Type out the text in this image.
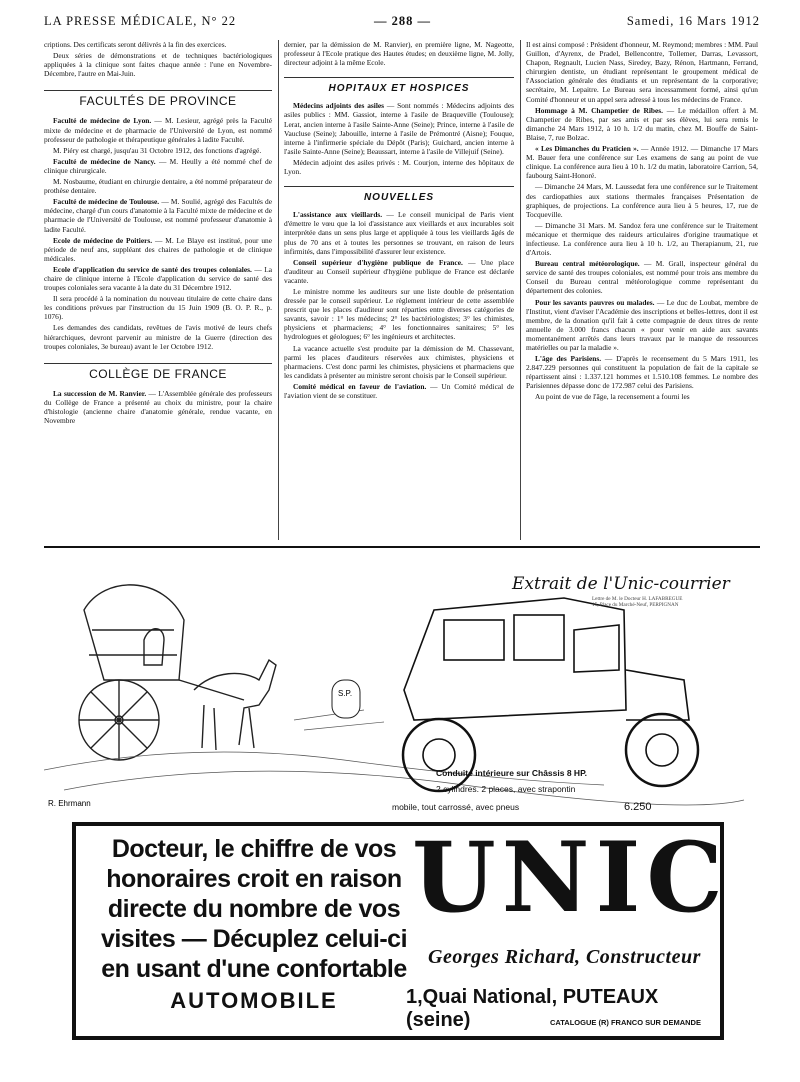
LA PRESSE MÉDICALE, N° 22	— 288 —	Samedi, 16 Mars 1912

criptions. Des certificats seront délivrés à la fin des exercices.

Deux séries de démonstrations et de techniques bactériologiques appliquées à la clinique sont faites chaque année : l'une en Novembre-Décembre, l'autre en Mai-Juin.

FACULTÉS DE PROVINCE

Faculté de médecine de Lyon. — M. Lesieur, agrégé près la Faculté mixte de médecine et de pharmacie de l'Université de Lyon, est nommé professeur de pathologie et thérapeutique générales à ladite Faculté.

M. Piéry est chargé, jusqu'au 31 Octobre 1912, des fonctions d'agrégé.

Faculté de médecine de Nancy. — M. Heully a été nommé chef de clinique chirurgicale.

M. Nosbaume, étudiant en chirurgie dentaire, a été nommé préparateur de prothèse dentaire.

Faculté de médecine de Toulouse. — M. Soulié, agrégé des Facultés de médecine, chargé d'un cours d'anatomie à la Faculté mixte de médecine et de pharmacie de l'Université de Toulouse, est nommé professeur d'anatomie à ladite Faculté.

Ecole de médecine de Poitiers. — M. Le Blaye est institué, pour une période de neuf ans, suppléant des chaires de pathologie et de clinique médicales.

Ecole d'application du service de santé des troupes coloniales. — La chaire de clinique interne à l'Ecole d'application du service de santé des troupes coloniales sera vacante à la date du 31 Décembre 1912.

Il sera procédé à la nomination du nouveau titulaire de cette chaire dans les conditions prévues par l'instruction du 15 Juin 1909 (B. O. P. R., p. 1076).

Les demandes des candidats, revêtues de l'avis motivé de leurs chefs hiérarchiques, devront parvenir au ministre de la Guerre (direction des troupes coloniales, 3e bureau) avant le 1er Octobre 1912.

COLLÈGE DE FRANCE

La succession de M. Ranvier. — L'Assemblée générale des professeurs du Collège de France a présenté au choix du ministre, pour la chaire d'histologie (ancienne chaire d'anatomie générale, rendue vacante, en Novembre

dernier, par la démission de M. Ranvier), en première ligne, M. Nageotte, professeur à l'Ecole pratique des Hautes études; en deuxième ligne, M. Jolly, directeur adjoint à la même Ecole.

HOPITAUX ET HOSPICES

Médecins adjoints des asiles — Sont nommés : Médecins adjoints des asiles publics : MM. Gassiot, interne à l'asile de Braqueville (Toulouse); Lerat, ancien interne à l'asile Sainte-Anne (Seine); Prince, interne à l'asile de Vaucluse (Seine); Jabouille, interne à l'asile de Prémontré (Aisne); Fouque, interne à l'infirmerie spéciale du Dépôt (Paris); Guichard, ancien interne à l'asile Sainte-Anne (Seine); Beaussart, interne à l'asile de Villejuif (Seine).

Médecin adjoint des asiles privés : M. Courjon, interne des hôpitaux de Lyon.

NOUVELLES

L'assistance aux vieillards. — Le conseil municipal de Paris vient d'émettre le vœu que la loi d'assistance aux vieillards et aux incurables soit interprétée dans un sens plus large et appliquée à tous les vieillards âgés de plus de 70 ans et à toutes les personnes se trouvant, en raison de leurs infirmités, dans l'impossibilité d'assurer leur existence.

Conseil supérieur d'hygiène publique de France. — Une place d'auditeur au Conseil supérieur d'hygiène publique de France est déclarée vacante.

Le ministre nomme les auditeurs sur une liste double de présentation dressée par le conseil supérieur. Le règlement intérieur de cette assemblée prescrit que les places d'auditeur sont réparties entre diverses catégories de savants, savoir : 1° les médecins; 2° les bactériologistes; 3° les chimistes, physiciens et pharmaciens; 4° les fonctionnaires sanitaires; 5° les hydrologues et géologues; 6° les ingénieurs et architectes.

La vacance actuelle s'est produite par la démission de M. Chassevant, parmi les places d'auditeurs réservées aux chimistes, physiciens et pharmaciens. C'est donc parmi les chimistes, physiciens et pharmaciens que les candidats à présenter au ministre seront choisis par le Conseil supérieur.

Comité médical en faveur de l'aviation. — Un Comité médical de l'aviation vient de se constituer.

Il est ainsi composé : Président d'honneur, M. Reymond; membres : MM. Paul Guillon, d'Ayrenx, de Pradel, Bellencontre, Tollemer, Darras, Levassort, Chapon, Regnault, Lucien Nass, Siredey, Bazy, Rénon, Hartmann, Ferrand, chirurgien dentiste, un étudiant représentant le groupement médical de l'Association générale des étudiants et un représentant de la corporative; secrétaire, M. Lepaitre. Le Bureau sera incessamment formé, ainsi qu'un Comité d'honneur et un appel sera adressé à tous les médecins de France.

Hommage à M. Champetier de Ribes. — Le médaillon offert à M. Champetier de Ribes, par ses amis et par ses élèves, lui sera remis le dimanche 24 Mars 1912, à 10 h. 1/2 du matin, chez M. Bouffe de Saint-Blaise, 7, rue Bolzac.

« Les Dimanches du Praticien ». — Année 1912. — Dimanche 17 Mars M. Bauer fera une conférence sur Les examens de sang au point de vue clinique. La conférence aura lieu à 10 h. 1/2 du matin, laboratoire Carrion, 54, faubourg Saint-Honoré.

— Dimanche 24 Mars, M. Laussedat fera une conférence sur le Traitement des cardiopathies aux stations thermales françaises Présentation de graphiques, de projections. La conférence aura lieu à 5 heures, 17, rue de Tocqueville.

— Dimanche 31 Mars. M. Sandoz fera une conférence sur le Traitement mécanique et thermique des raideurs articulaires d'origine traumatique et infectieuse. La conférence aura lieu à 10 h. 1/2, au Therapianum, 21, rue d'Artois.

Bureau central météorologique. — M. Grall, inspecteur général du service de santé des troupes coloniales, est nommé pour trois ans membre du Conseil du Bureau central météorologique comme représentant du département des colonies.

Pour les savants pauvres ou malades. — Le duc de Loubat, membre de l'Institut, vient d'aviser l'Académie des inscriptions et belles-lettres, dont il est membre, de la donation qu'il fait à cette compagnie de deux titres de rente annuelle de 3.000 francs chacun « pour venir en aide aux savants momentanément arrêtés dans leurs travaux par le manque de ressources matérielles ou par la maladie ».

L'âge des Parisiens. — D'après le recensement du 5 Mars 1911, les 2.847.229 personnes qui constituent la population de fait de la capitale se répartissent ainsi : 1.337.121 hommes et 1.510.108 femmes. Le nombre des Parisiennes dépasse donc de 172.987 celui des Parisiens.

Au point de vue de l'âge, la recensement a fourni les

S.P.
R. Ehrmann
Extrait de l'Unic-courrier
Lettre de M. le Docteur H. LAFABREGUE
15, Place du Marché-Neuf, PERPIGNAN
Conduite intérieure sur Châssis 8 HP.
2 cylindres. 2 places, avec strapontin
mobile, tout carrossé, avec pneus	6.250
Docteur, le chiffre de vos
honoraires croit en raison
directe du nombre de vos
visites — Décuplez celui-ci
en usant d'une confortable
AUTOMOBILE
UNIC
Georges Richard, Constructeur
1,Quai National, PUTEAUX (seine)	CATALOGUE (R) FRANCO SUR DEMANDE
